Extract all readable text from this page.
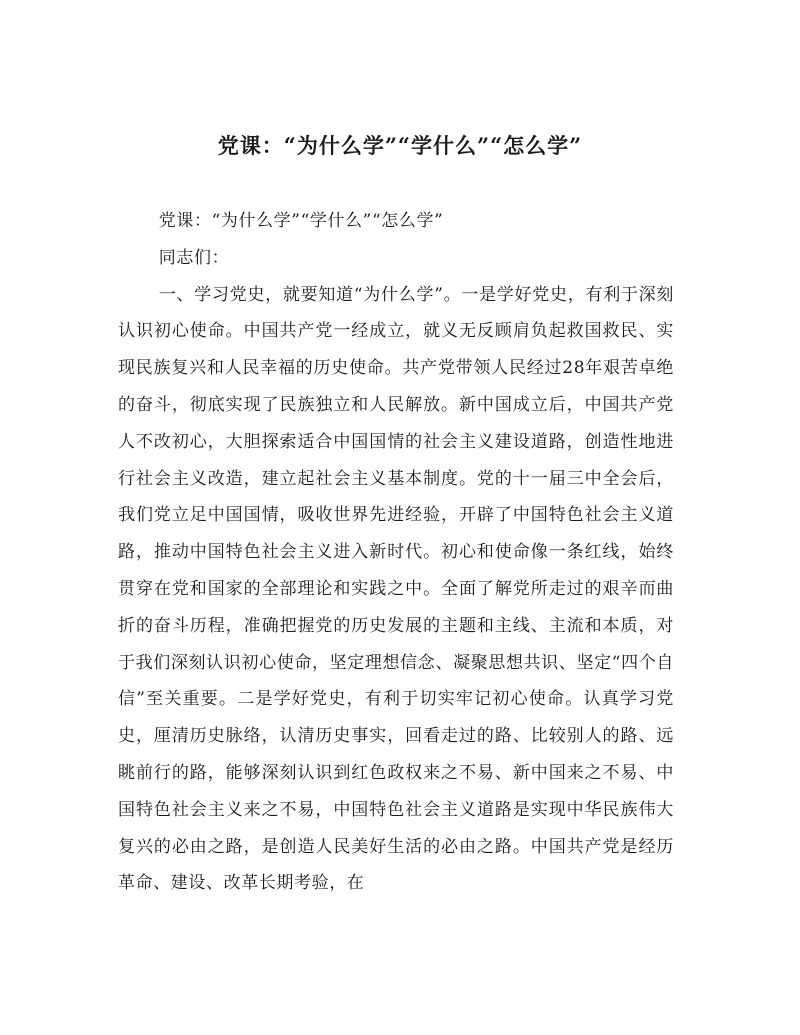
党课：“为什么学”“学什么”“怎么学”

党课：“为什么学”“学什么”“怎么学”

同志们：

一、学习党史，就要知道“为什么学”。一是学好党史，有利于深刻认识初心使命。中国共产党一经成立，就义无反顾肩负起救国救民、实现民族复兴和人民幸福的历史使命。共产党带领人民经过28年艰苦卓绝的奋斗，彻底实现了民族独立和人民解放。新中国成立后，中国共产党人不改初心，大胆探索适合中国国情的社会主义建设道路，创造性地进行社会主义改造，建立起社会主义基本制度。党的十一届三中全会后，我们党立足中国国情，吸收世界先进经验，开辟了中国特色社会主义道路，推动中国特色社会主义进入新时代。初心和使命像一条红线，始终贯穿在党和国家的全部理论和实践之中。全面了解党所走过的艰辛而曲折的奋斗历程，准确把握党的历史发展的主题和主线、主流和本质，对于我们深刻认识初心使命，坚定理想信念、凝聚思想共识、坚定“四个自信”至关重要。二是学好党史，有利于切实牢记初心使命。认真学习党史，厘清历史脉络，认清历史事实，回看走过的路、比较别人的路、远眺前行的路，能够深刻认识到红色政权来之不易、新中国来之不易、中国特色社会主义来之不易，中国特色社会主义道路是实现中华民族伟大复兴的必由之路，是创造人民美好生活的必由之路。中国共产党是经历革命、建设、改革长期考验，在
